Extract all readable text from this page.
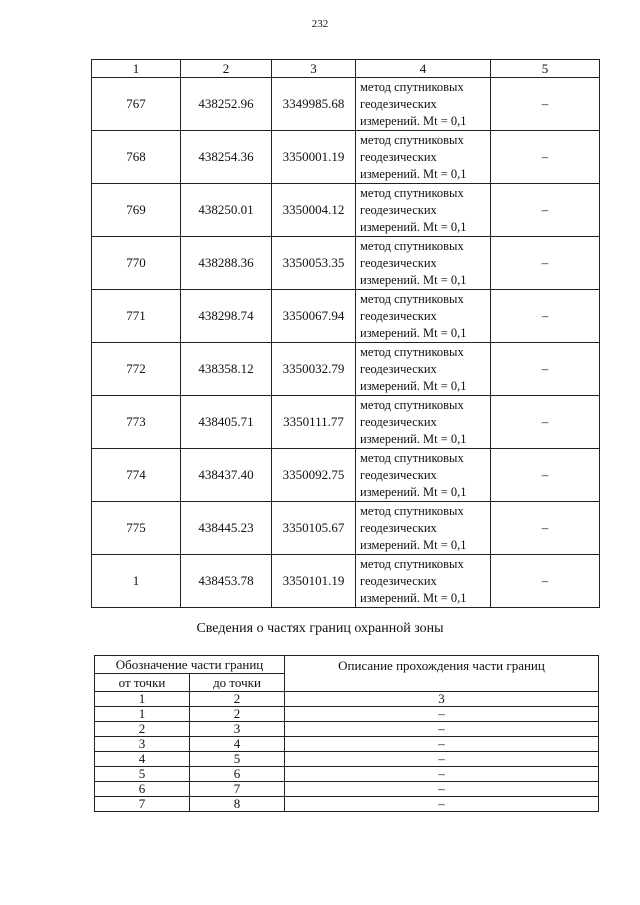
232
1	2	3	4	5
767	438252.96	3349985.68	метод спутниковых
геодезических
измерений. Mt = 0,1	–
768	438254.36	3350001.19	метод спутниковых
геодезических
измерений. Mt = 0,1	–
769	438250.01	3350004.12	метод спутниковых
геодезических
измерений. Mt = 0,1	–
770	438288.36	3350053.35	метод спутниковых
геодезических
измерений. Mt = 0,1	–
771	438298.74	3350067.94	метод спутниковых
геодезических
измерений. Mt = 0,1	–
772	438358.12	3350032.79	метод спутниковых
геодезических
измерений. Mt = 0,1	–
773	438405.71	3350111.77	метод спутниковых
геодезических
измерений. Mt = 0,1	–
774	438437.40	3350092.75	метод спутниковых
геодезических
измерений. Mt = 0,1	–
775	438445.23	3350105.67	метод спутниковых
геодезических
измерений. Mt = 0,1	–
1	438453.78	3350101.19	метод спутниковых
геодезических
измерений. Mt = 0,1	–
Сведения о частях границ охранной зоны
Обозначение части границ		Описание прохождения части границ
от точки	до точки	
1	2	3
1	2	–
2	3	–
3	4	–
4	5	–
5	6	–
6	7	–
7	8	–
